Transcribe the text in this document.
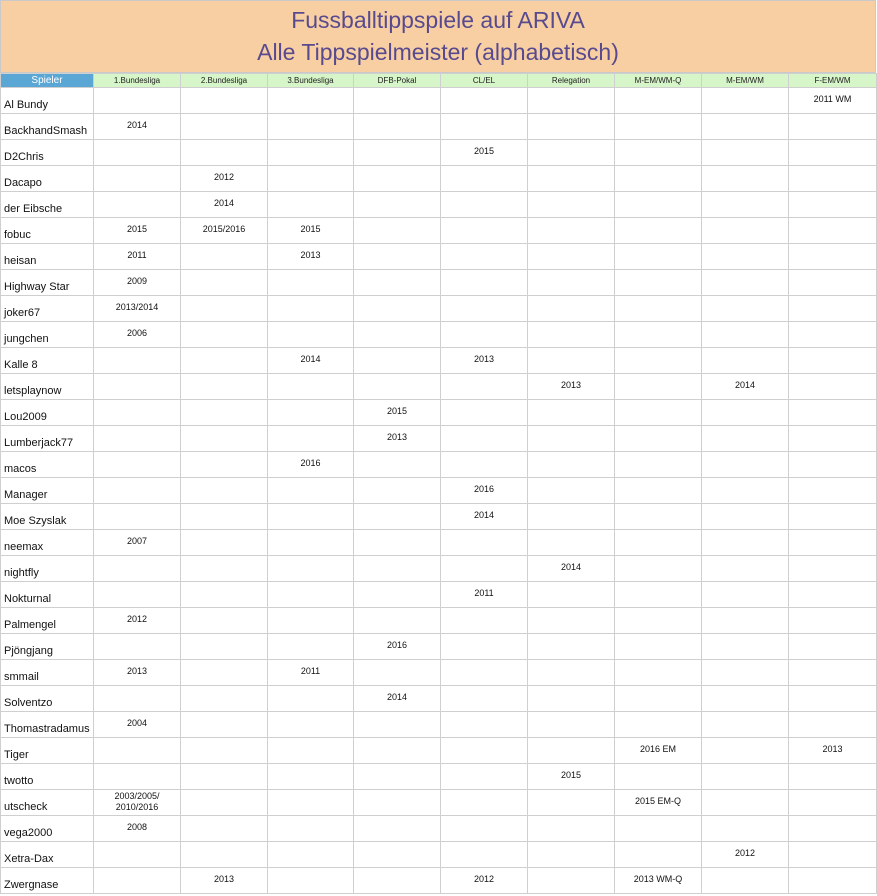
Fussballtippspiele auf ARIVA
Alle Tippspielmeister (alphabetisch)
Spieler	1.Bundesliga	2.Bundesliga	3.Bundesliga	DFB-Pokal	CL/EL	Relegation	M-EM/WM-Q	M-EM/WM	F-EM/WM
Al Bundy									2011 WM
BackhandSmash	2014								
D2Chris					2015				
Dacapo		2012							
der Eibsche		2014							
fobuc	2015	2015/2016	2015						
heisan	2011		2013						
Highway Star	2009								
joker67	2013/2014								
jungchen	2006								
Kalle 8			2014		2013				
letsplaynow						2013		2014	
Lou2009				2015					
Lumberjack77				2013					
macos			2016						
Manager					2016				
Moe Szyslak					2014				
neemax	2007								
nightfly						2014			
Nokturnal					2011				
Palmengel	2012								
Pjöngjang				2016					
smmail	2013		2011						
Solventzo				2014					
Thomastradamus	2004								
Tiger							2016 EM		2013
twotto						2015			
utscheck	2003/2005/
2010/2016						2015 EM-Q		
vega2000	2008								
Xetra-Dax								2012	
Zwergnase		2013			2012		2013 WM-Q		
